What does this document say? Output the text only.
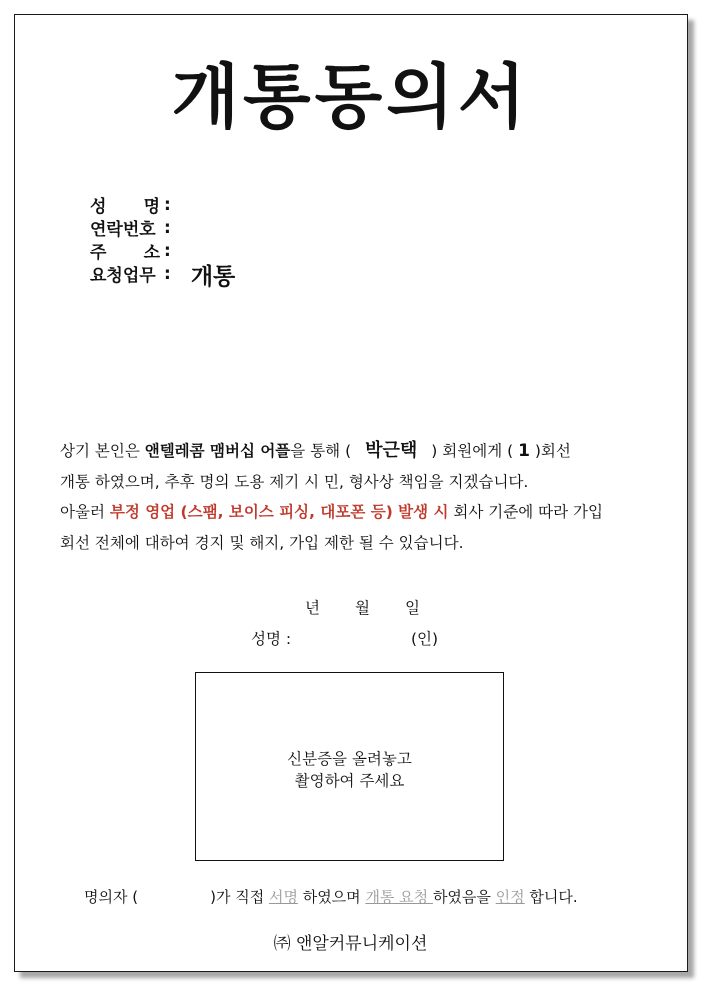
개통동의서
성 명 :
연락번호 :
주 소 :
요청업무 : 개통
상기 본인은 앤텔레콤 맴버십 어플을 통해 ( 박근택 ) 회원에게 ( 1 )회선
개통 하였으며, 추후 명의 도용 제기 시 민, 형사상 책임을 지겠습니다.
아울러 부정 영업 (스팸, 보이스 피싱, 대포폰 등) 발생 시 회사 기준에 따라 가입
회선 전체에 대하여 경지 및 해지, 가입 제한 될 수 있습니다.
년 월 일
성명 :	(인)
신분증을 올려놓고
촬영하여 주세요
명의자 (	)가 직접 서명 하였으며 개통 요청 하였음을 인정 합니다.
㈜ 앤알커뮤니케이션
